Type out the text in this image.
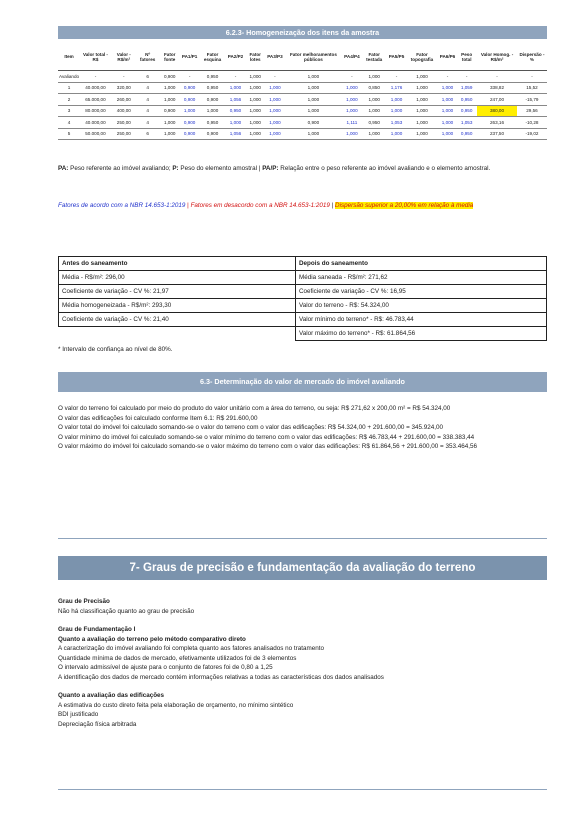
6.2.3- Homogeneização dos itens da amostra
Item	Valor total - R$	Valor - R$/m²	Nº fatores	Fator fonte	PA1/P1	Fator esquina	PA2/P2	Fator lotes	PA3/P3	Fator melhoramentos públicos	PA4/P4	Fator testada	PA5/P5	Fator topografia	PA6/P6	Peso total	Valor Homog. - R$/m²	Dispersão - %
Avaliando	-	-	6	0,900	-	0,950	-	1,000	-	1,000	-	1,000	-	1,000	-	-	-	-
1	40.000,00	320,00	4	1,000	0,900	0,950	1,000	1,000	1,000	1,000	1,000	0,850	1,176	1,000	1,000	1,059	338,82	15,52
2	65.000,00	260,00	4	1,000	0,900	0,900	1,056	1,000	1,000	1,000	1,000	1,000	1,000	1,000	1,000	0,950	247,00	-15,79
3	80.000,00	400,00	4	0,900	1,000	1,000	0,950	1,000	1,000	1,000	1,000	1,000	1,000	1,000	1,000	0,950	380,00	29,56
4	40.000,00	250,00	4	1,000	0,900	0,950	1,000	1,000	1,000	0,900	1,111	0,950	1,053	1,000	1,000	1,053	263,16	-10,28
5	50.000,00	250,00	6	1,000	0,900	0,900	1,056	1,000	1,000	1,000	1,000	1,000	1,000	1,000	1,000	0,950	237,50	-19,02
PA: Peso referente ao imóvel avaliando; P: Peso do elemento amostral | PA/P: Relação entre o peso referente ao imóvel avaliando e o elemento amostral.
Fatores de acordo com a NBR 14.653-1:2019 | Fatores em desacordo com a NBR 14.653-1:2019 | Dispersão superior a 20,00% em relação à media
Antes do saneamento	Depois do saneamento
Média - R$/m²: 296,00	Média saneada - R$/m²: 271,62
Coeficiente de variação - CV %: 21,97	Coeficiente de variação - CV %: 16,95
Média homogeneizada - R$/m²: 293,30	Valor do terreno - R$: 54.324,00
Coeficiente de variação - CV %: 21,40	Valor mínimo do terreno* - R$: 46.783,44
	Valor máximo do terreno* - R$: 61.864,56
* Intervalo de confiança ao nível de 80%.
6.3- Determinação do valor de mercado do imóvel avaliando
O valor do terreno foi calculado por meio do produto do valor unitário com a área do terreno, ou seja: R$ 271,62 x 200,00 m² = R$ 54.324,00
O valor das edificações foi calculado conforme Item 6.1: R$ 291.600,00
O valor total do imóvel foi calculado somando-se o valor do terreno com o valor das edificações: R$ 54.324,00 + 291.600,00 = 345.924,00
O valor mínimo do imóvel foi calculado somando-se o valor mínimo do terreno com o valor das edificações: R$ 46.783,44 + 291.600,00 = 338.383,44
O valor máximo do imóvel foi calculado somando-se o valor máximo do terreno com o valor das edificações: R$ 61.864,56 + 291.600,00 = 353.464,56
7- Graus de precisão e fundamentação da avaliação do terreno
Grau de Precisão
Não há classificação quanto ao grau de precisão
Grau de Fundamentação I
Quanto a avaliação do terreno pelo método comparativo direto
A caracterização do imóvel avaliando foi completa quanto aos fatores analisados no tratamento
Quantidade mínima de dados de mercado, efetivamente utilizados foi de 3 elementos
O intervalo admissível de ajuste para o conjunto de fatores foi de 0,80 a 1,25
A identificação dos dados de mercado contém informações relativas a todas as características dos dados analisados
Quanto a avaliação das edificações
A estimativa do custo direto feita pela elaboração de orçamento, no mínimo sintético
BDI justificado
Depreciação física arbitrada
